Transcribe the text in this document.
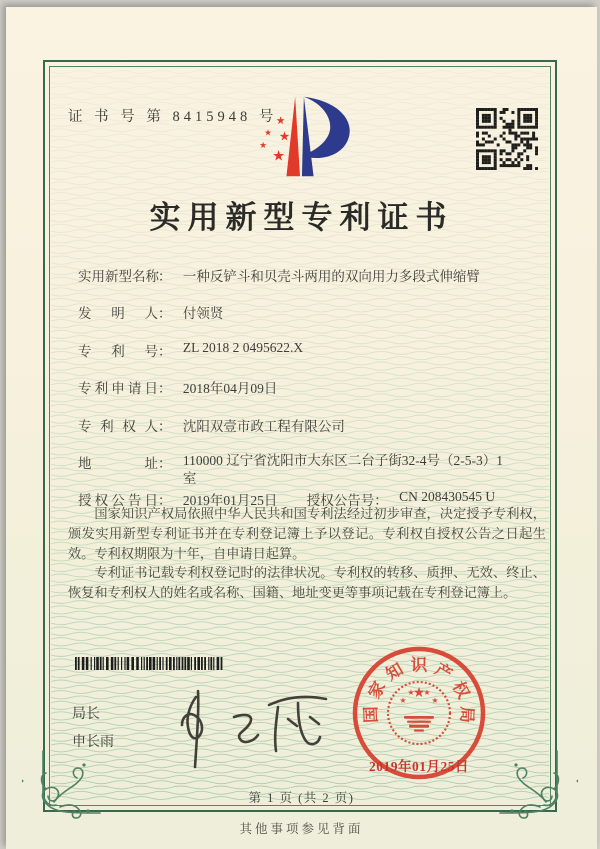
证 书 号 第 8415948 号
★
★ ★
★
★
实用新型专利证书
实用新型名称： 一种反铲斗和贝壳斗两用的双向用力多段式伸缩臂
发明人： 付领贤
专利号： ZL 2018 2 0495622.X
专利申请日： 2018年04月09日
专利权人： 沈阳双壹市政工程有限公司
地址： 110000 辽宁省沈阳市大东区二台子街32-4号（2-5-3）1室
授权公告日： 2019年01月25日 授权公告号： CN 208430545 U

国家知识产权局依照中华人民共和国专利法经过初步审查，决定授予专利权，颁发实用新型专利证书并在专利登记簿上予以登记。专利权自授权公告之日起生效。专利权期限为十年，自申请日起算。

专利证书记载专利权登记时的法律状况。专利权的转移、质押、无效、终止、恢复和专利权人的姓名或名称、国籍、地址变更等事项记载在专利登记簿上。

局长
申长雨
国
家
知 识 产
权
局
★
★
★ ★
★
2019年01月25日
第 1 页 (共 2 页)
其他事项参见背面
